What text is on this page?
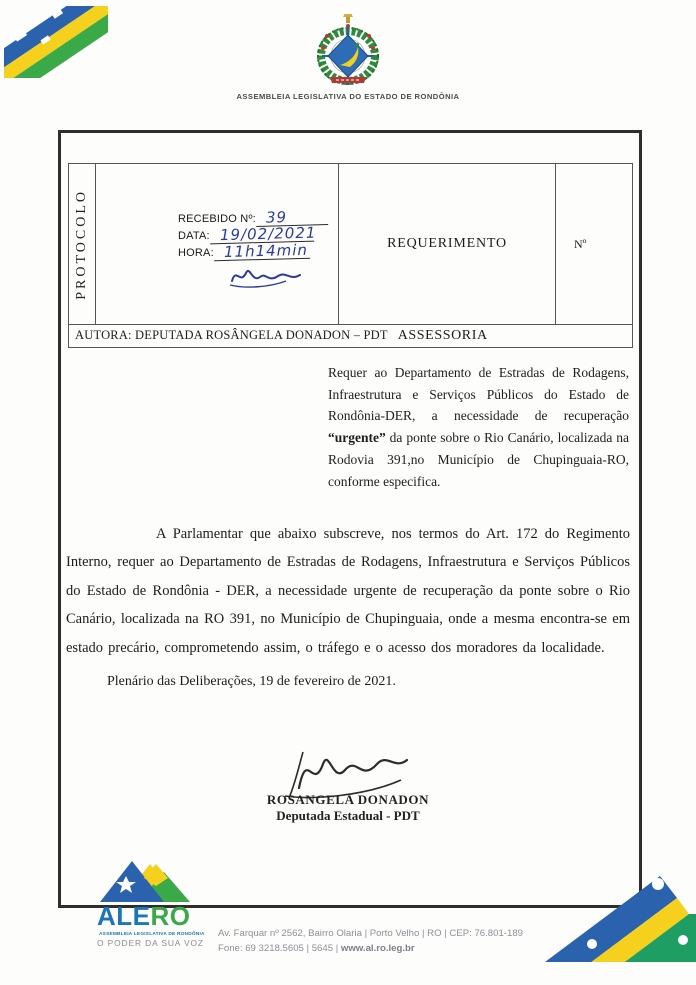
ASSEMBLEIA LEGISLATIVA DO ESTADO DE RONDÔNIA
PROTOCOLO	RECEBIDO Nº: 39
DATA: 19/02/2021
HORA: 11h14min	REQUERIMENTO	Nº
AUTORA: DEPUTADA ROSÂNGELA DONADON – PDT ASSESSORIA

Requer ao Departamento de Estradas de Rodagens, Infraestrutura e Serviços Públicos do Estado de Rondônia-DER, a necessidade de recuperação “urgente” da ponte sobre o Rio Canário, localizada na Rodovia 391,no Município de Chupinguaia-RO, conforme especifica.

A Parlamentar que abaixo subscreve, nos termos do Art. 172 do Regimento Interno, requer ao Departamento de Estradas de Rodagens, Infraestrutura e Serviços Públicos do Estado de Rondônia - DER, a necessidade urgente de recuperação da ponte sobre o Rio Canário, localizada na RO 391, no Município de Chupinguaia, onde a mesma encontra-se em estado precário, comprometendo assim, o tráfego e o acesso dos moradores da localidade.

Plenário das Deliberações, 19 de fevereiro de 2021.
ROSANGELA DONADON
Deputada Estadual - PDT
ALERO
ASSEMBLEIA LEGISLATIVA DE RONDÔNIA
O PODER DA SUA VOZ
Av. Farquar nº 2562, Bairro Olaria | Porto Velho | RO | CEP: 76.801-189
Fone: 69 3218.5605 | 5645 | www.al.ro.leg.br
